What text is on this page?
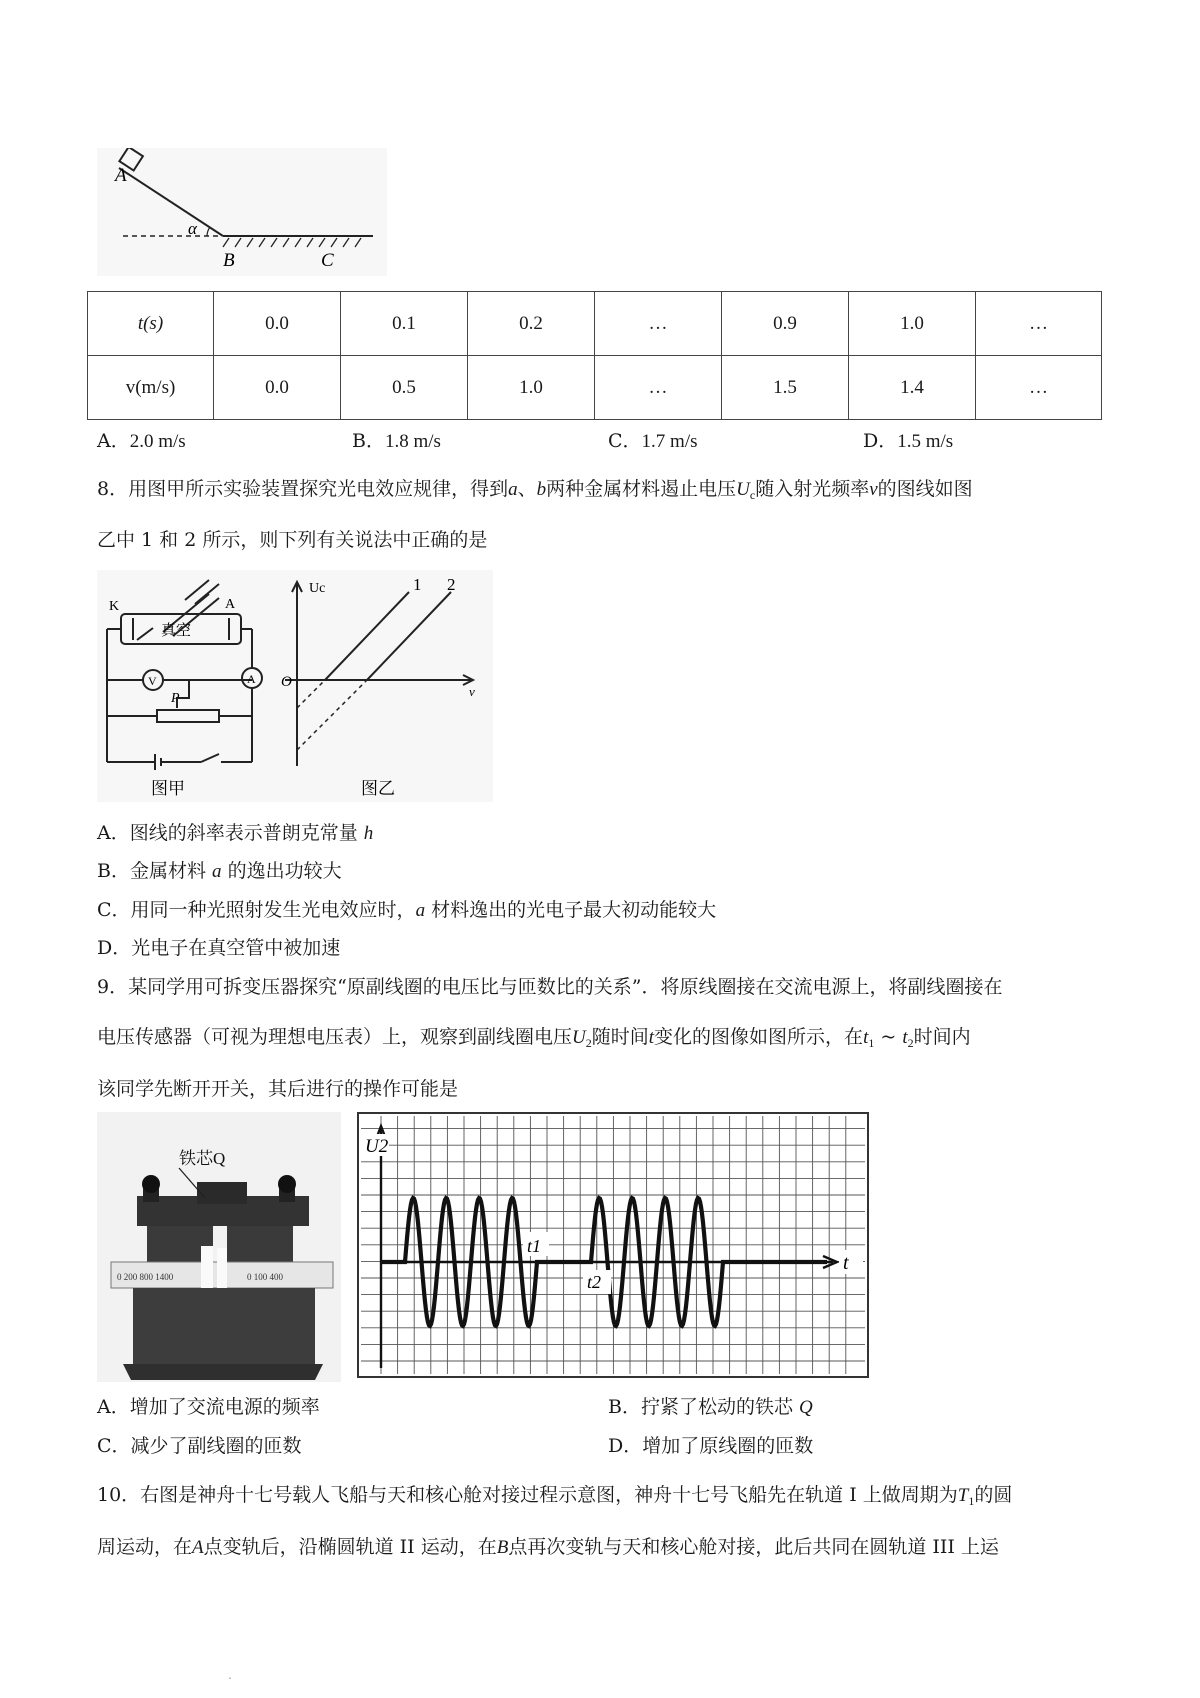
A
α
B	C
t(s)	0.0	0.1	0.2	…	0.9	1.0	…
v(m/s)	0.0	0.5	1.0	…	1.5	1.4	…
A．2.0 m/s	B．1.8 m/s	C．1.7 m/s	D．1.5 m/s
8．用图甲所示实验装置探究光电效应规律，得到a、b两种金属材料遏止电压$U_c$随入射光频率ν的图线如图
乙中 1 和 2 所示，则下列有关说法中正确的是
K	A
真空
A
V
P
图甲
Uc
O
ν
1 2
图乙
A．图线的斜率表示普朗克常量 h
B．金属材料 a 的逸出功较大
C．用同一种光照射发生光电效应时，a 材料逸出的光电子最大初动能较大
D．光电子在真空管中被加速
9．某同学用可拆变压器探究“原副线圈的电压比与匝数比的关系”．将原线圈接在交流电源上，将副线圈接在
电压传感器（可视为理想电压表）上，观察到副线圈电压$U_2$随时间t变化的图像如图所示，在$t_1$ ~ $t_2$时间内
该同学先断开开关，其后进行的操作可能是
铁芯Q
0 200 800 1400	0 100 400
U2
t
t1
t2
A．增加了交流电源的频率	B．拧紧了松动的铁芯 Q
C．减少了副线圈的匝数	D．增加了原线圈的匝数
10．右图是神舟十七号载人飞船与天和核心舱对接过程示意图，神舟十七号飞船先在轨道 I 上做周期为$T_1$的圆
周运动，在A点变轨后，沿椭圆轨道 II 运动，在B点再次变轨与天和核心舱对接，此后共同在圆轨道 III 上运
.
